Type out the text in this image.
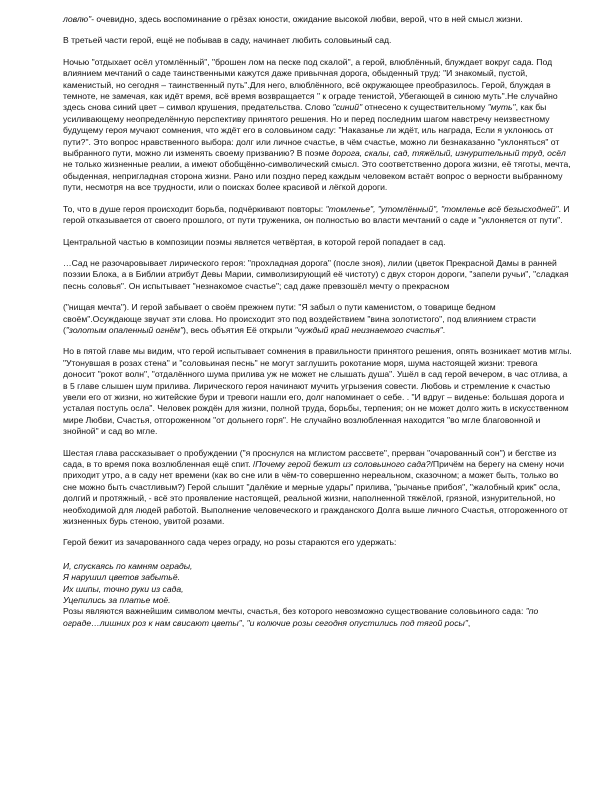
ловлю"- очевидно, здесь воспоминание о грёзах юности, ожидание высокой любви, верой, что в ней смысл жизни.

В третьей части герой, ещё не побывав в саду, начинает любить соловьиный сад.

Ночью "отдыхает осёл утомлённый", "брошен лом на песке под скалой", а герой, влюблённый, блуждает вокруг сада. Под влиянием мечтаний о саде таинственными кажутся даже привычная дорога, обыденный труд: "И знакомый, пустой, каменистый, но сегодня – таинственный путь".Для него, влюблённого, всё окружающее преобразилось. Герой, блуждая в темноте, не замечая, как идёт время, всё время возвращается " к ограде тенистой, Убегающей в синюю муть".Не случайно здесь снова синий цвет – символ крушения, предательства. Слово "синий" отнесено к существительному "муть", как бы усиливающему неопределённую перспективу принятого решения. Но и перед последним шагом навстречу неизвестному будущему героя мучают сомнения, что ждёт его в соловьином саду: "Наказанье ли ждёт, иль награда, Если я уклонюсь от пути?". Это вопрос нравственного выбора: долг или личное счастье, в чём счастье, можно ли безнаказанно "уклоняться" от выбранного пути, можно ли изменять своему призванию? В поэме дорога, скалы, сад, тяжёлый, изнурительный труд, осёл не только жизненные реалии, а имеют обобщённо-символический смысл. Это соответственно дорога жизни, её тяготы, мечта, обыденная, непригладная сторона жизни. Рано или поздно перед каждым человеком встаёт вопрос о верности выбранному пути, несмотря на все трудности, или о поисках более красивой и лёгкой дороги.

То, что в душе героя происходит борьба, подчёркивают повторы: "томленье", "утомлённый", "томленье всё безысходней". И герой отказывается от своего прошлого, от пути труженика, он полностью во власти мечтаний о саде и "уклоняется от пути".

Центральной частью в композиции поэмы является четвёртая, в которой герой попадает в сад.

…Сад не разочаровывает лирического героя: "прохладная дорога" (после зноя), лилии (цветок Прекрасной Дамы в ранней поэзии Блока, а в Библии атрибут Девы Марии, символизирующий её чистоту) с двух сторон дороги, "запели ручьи", "сладкая песнь соловья". Он испытывает "незнакомое счастье"; сад даже превзошёл мечту о прекрасном

("нищая мечта"). И герой забывает о своём прежнем пути: "Я забыл о пути каменистом, о товарище бедном своём".Осуждающе звучат эти слова. Но происходит это под воздействием "вина золотистого", под влиянием страсти ("золотым опаленный огнём"), весь объятия Её открыли "чуждый край неизнаемого счастья".

Но в пятой главе мы видим, что герой испытывает сомнения в правильности принятого решения, опять возникает мотив мглы. "Утонувшая в розах стена" и "соловьиная песнь" не могут заглушить рокотание моря, шума настоящей жизни: тревога доносит "рокот волн", "отдалённого шума прилива уж не может не слышать душа". Ушёл в сад герой вечером, в час отлива, а в 5 главе слышен шум прилива. Лирического героя начинают мучить угрызения совести. Любовь и стремление к счастью увели его от жизни, но житейские бури и тревоги нашли его, долг напоминает о себе. . "И вдруг – виденье: большая дорога и усталая поступь осла". Человек рождён для жизни, полной труда, борьбы, терпения; он не может долго жить в искусственном мире Любви, Счастья, отгороженном "от дольнего горя". Не случайно возлюбленная находится "во мгле благовонной и знойной" и сад во мгле.

Шестая глава рассказывает о пробуждении ("я проснулся на мглистом рассвете", прерван "очарованный сон") и бегстве из сада, в то время пока возлюбленная ещё спит. /Почему герой бежит из соловьиного сада?/Причём на берегу на смену ночи приходит утро, а в саду нет времени (как во сне или в чём-то совершенно нереальном, сказочном; а может быть, только во сне можно быть счастливым?) Герой слышит "далёкие и мерные удары" прилива, "рычанье прибоя", "жалобный крик" осла, долгий и протяжный, - всё это проявление настоящей, реальной жизни, наполненной тяжёлой, грязной, изнурительной, но необходимой для людей работой. Выполнение человеческого и гражданского Долга выше личного Счастья, отгороженного от жизненных бурь стеною, увитой розами.

Герой бежит из зачарованного сада через ограду, но розы стараются его удержать:

И, спускаясь по камням ограды,

Я нарушил цветов забытьё.

Их шипы, точно руки из сада,

Уцепились за платье моё.

Розы являются важнейшим символом мечты, счастья, без которого невозможно существование соловьиного сада: "по ограде…лишних роз к нам свисают цветы", "и колючие розы сегодня опустились под тягой росы",
